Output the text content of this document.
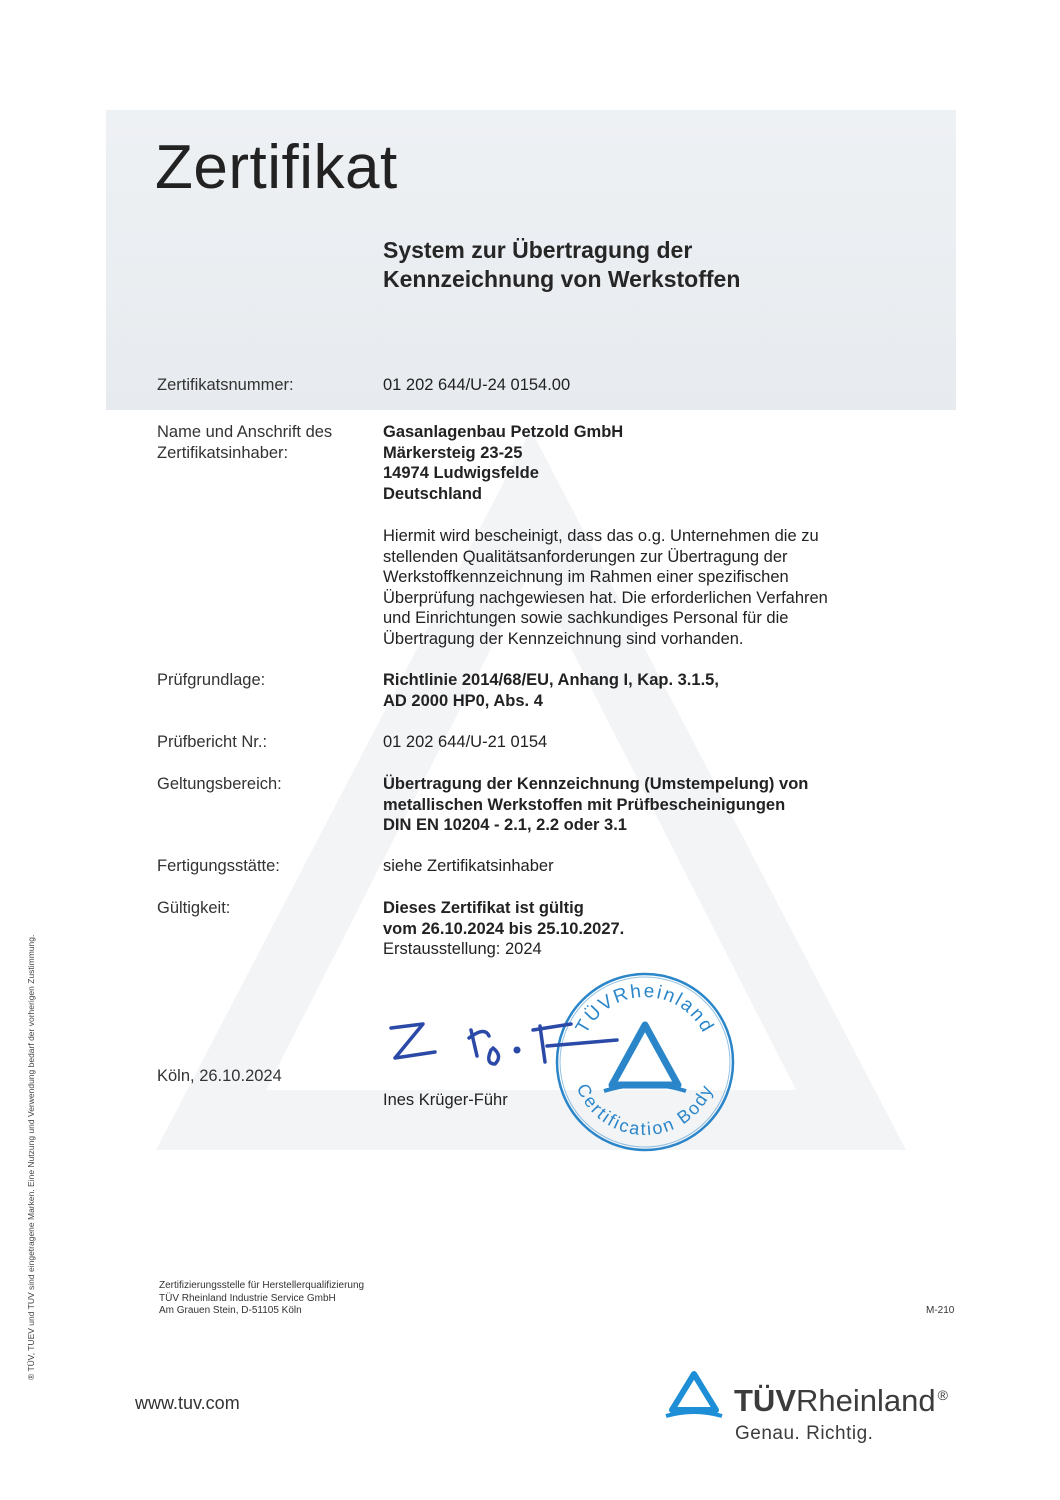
Zertifikat
System zur Übertragung der
Kennzeichnung von Werkstoffen
Zertifikatsnummer:	01 202 644/U-24 0154.00
Name und Anschrift des
Zertifikatsinhaber:
Gasanlagenbau Petzold GmbH
Märkersteig 23-25
14974 Ludwigsfelde
Deutschland
Hiermit wird bescheinigt, dass das o.g. Unternehmen die zu
stellenden Qualitätsanforderungen zur Übertragung der
Werkstoffkennzeichnung im Rahmen einer spezifischen
Überprüfung nachgewiesen hat. Die erforderlichen Verfahren
und Einrichtungen sowie sachkundiges Personal für die
Übertragung der Kennzeichnung sind vorhanden.
Prüfgrundlage:	Richtlinie 2014/68/EU, Anhang I, Kap. 3.1.5,
AD 2000 HP0, Abs. 4
Prüfbericht Nr.:	01 202 644/U-21 0154
Geltungsbereich:	Übertragung der Kennzeichnung (Umstempelung) von
metallischen Werkstoffen mit Prüfbescheinigungen
DIN EN 10204 - 2.1, 2.2 oder 3.1
Fertigungsstätte:	siehe Zertifikatsinhaber
Gültigkeit:	Dieses Zertifikat ist gültig
vom 26.10.2024 bis 25.10.2027.
Erstausstellung: 2024
TÜVRheinland
Certification Body
Köln, 26.10.2024
Ines Krüger-Führ
Zertifizierungsstelle für Herstellerqualifizierung
TÜV Rheinland Industrie Service GmbH
Am Grauen Stein, D-51105 Köln	M-210
www.tuv.com	TÜVRheinland ®
Genau. Richtig.
® TÜV, TUEV und TUV sind eingetragene Marken. Eine Nutzung und Verwendung bedarf der vorherigen Zustimmung.
